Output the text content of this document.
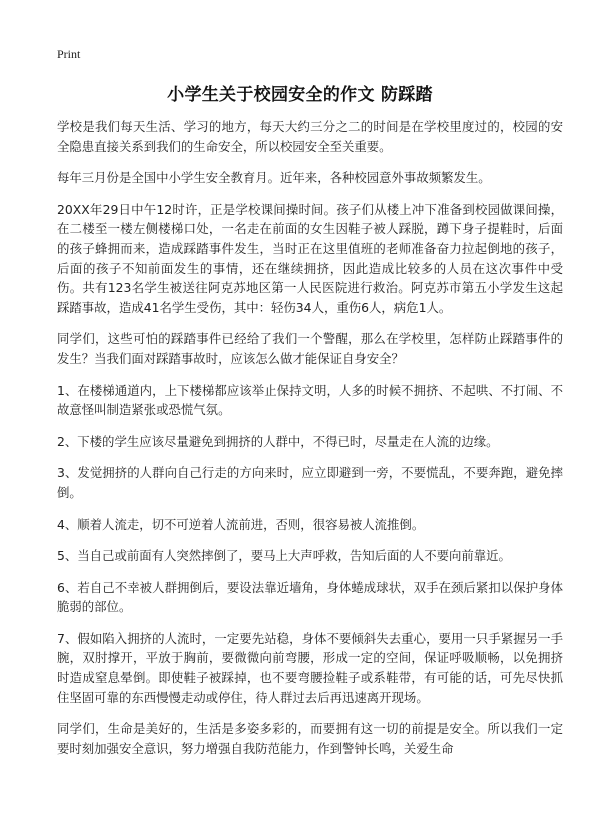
Print
小学生关于校园安全的作文 防踩踏

学校是我们每天生活、学习的地方，每天大约三分之二的时间是在学校里度过的，校园的安全隐患直接关系到我们的生命安全，所以校园安全至关重要。

每年三月份是全国中小学生安全教育月。近年来，各种校园意外事故频繁发生。

20XX年29日中午12时许，正是学校课间操时间。孩子们从楼上冲下准备到校园做课间操，在二楼至一楼左侧楼梯口处，一名走在前面的女生因鞋子被人踩脱，蹲下身子提鞋时，后面的孩子蜂拥而来，造成踩踏事件发生，当时正在这里值班的老师准备奋力拉起倒地的孩子，后面的孩子不知前面发生的事情，还在继续拥挤，因此造成比较多的人员在这次事件中受伤。共有123名学生被送往阿克苏地区第一人民医院进行救治。阿克苏市第五小学发生这起踩踏事故，造成41名学生受伤，其中：轻伤34人，重伤6人，病危1人。

同学们，这些可怕的踩踏事件已经给了我们一个警醒，那么在学校里，怎样防止踩踏事件的发生？当我们面对踩踏事故时，应该怎么做才能保证自身安全？

1、在楼梯通道内，上下楼梯都应该举止保持文明，人多的时候不拥挤、不起哄、不打闹、不故意怪叫制造紧张或恐慌气氛。

2、下楼的学生应该尽量避免到拥挤的人群中，不得已时，尽量走在人流的边缘。

3、发觉拥挤的人群向自己行走的方向来时，应立即避到一旁，不要慌乱，不要奔跑，避免摔倒。

4、顺着人流走，切不可逆着人流前进，否则，很容易被人流推倒。

5、当自己或前面有人突然摔倒了，要马上大声呼救，告知后面的人不要向前靠近。

6、若自己不幸被人群拥倒后，要设法靠近墙角，身体蜷成球状，双手在颈后紧扣以保护身体脆弱的部位。

7、假如陷入拥挤的人流时，一定要先站稳，身体不要倾斜失去重心，要用一只手紧握另一手腕，双肘撑开，平放于胸前，要微微向前弯腰，形成一定的空间，保证呼吸顺畅，以免拥挤时造成窒息晕倒。即使鞋子被踩掉，也不要弯腰捡鞋子或系鞋带，有可能的话，可先尽快抓住坚固可靠的东西慢慢走动或停住，待人群过去后再迅速离开现场。

同学们，生命是美好的，生活是多姿多彩的，而要拥有这一切的前提是安全。所以我们一定要时刻加强安全意识，努力增强自我防范能力，作到警钟长鸣，关爱生命
